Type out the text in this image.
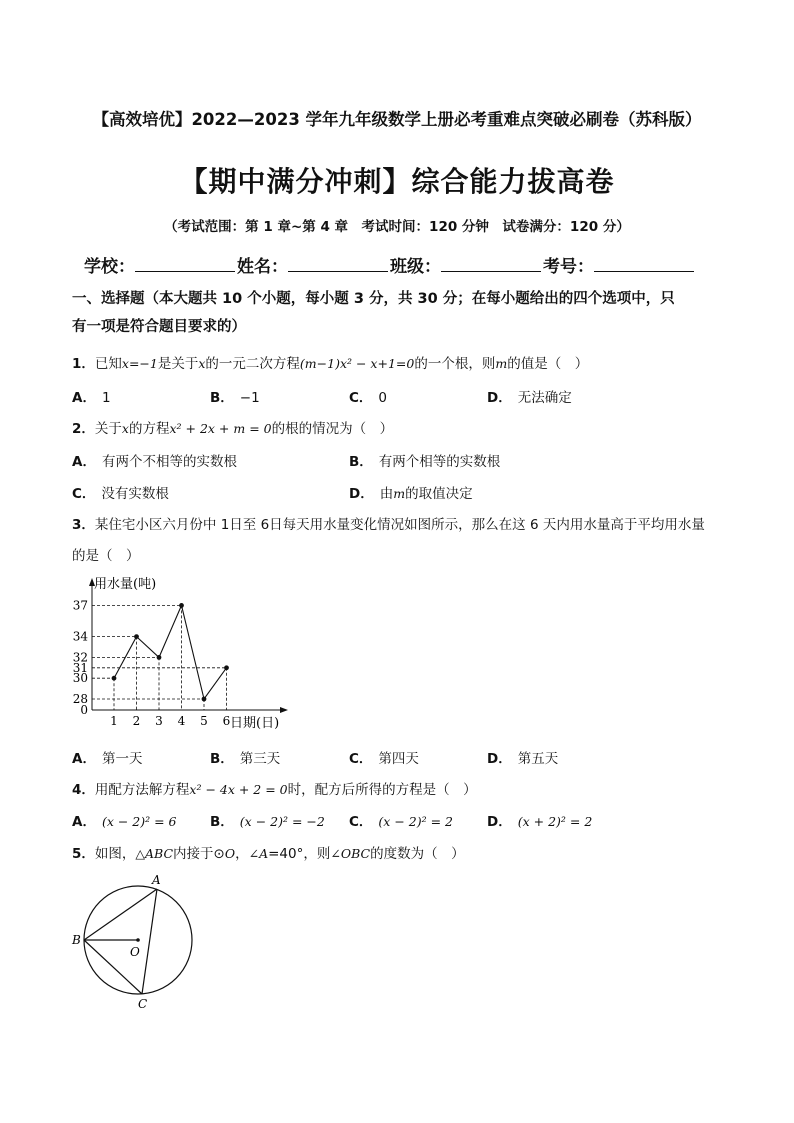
【高效培优】2022—2023 学年九年级数学上册必考重难点突破必刷卷（苏科版）
【期中满分冲刺】综合能力拔高卷
（考试范围：第 1 章~第 4 章　考试时间：120 分钟　试卷满分：120 分）
学校：	姓名：	班级：	考号：
一、选择题（本大题共 10 个小题，每小题 3 分，共 30 分；在每小题给出的四个选项中，只
有一项是符合题目要求的）
1．已知x=−1是关于x的一元二次方程(m−1)x² − x+1=0的一个根，则m的值是（　）
A． 1	B． −1	C． 0	D． 无法确定
2．关于x的方程x² + 2x + m = 0的根的情况为（　）
A． 有两个不相等的实数根	B． 有两个相等的实数根
C． 没有实数根	D． 由m的取值决定
3．某住宅小区六月份中 1日至 6日每天用水量变化情况如图所示，那么在这 6 天内用水量高于平均用水量
的是（　）
用水量(吨)
日期(日)
37
34
32
31
30
28
0
1 2 3 4 5 6
A． 第一天	B． 第三天	C． 第四天	D． 第五天
4．用配方法解方程x² − 4x + 2 = 0时，配方后所得的方程是（　）
A． (x − 2)² = 6 B． (x − 2)² = −2 C． (x − 2)² = 2	D． (x + 2)² = 2
5．如图，△ABC内接于⊙O，∠A=40°，则∠OBC的度数为（　）
A
B
C
O
